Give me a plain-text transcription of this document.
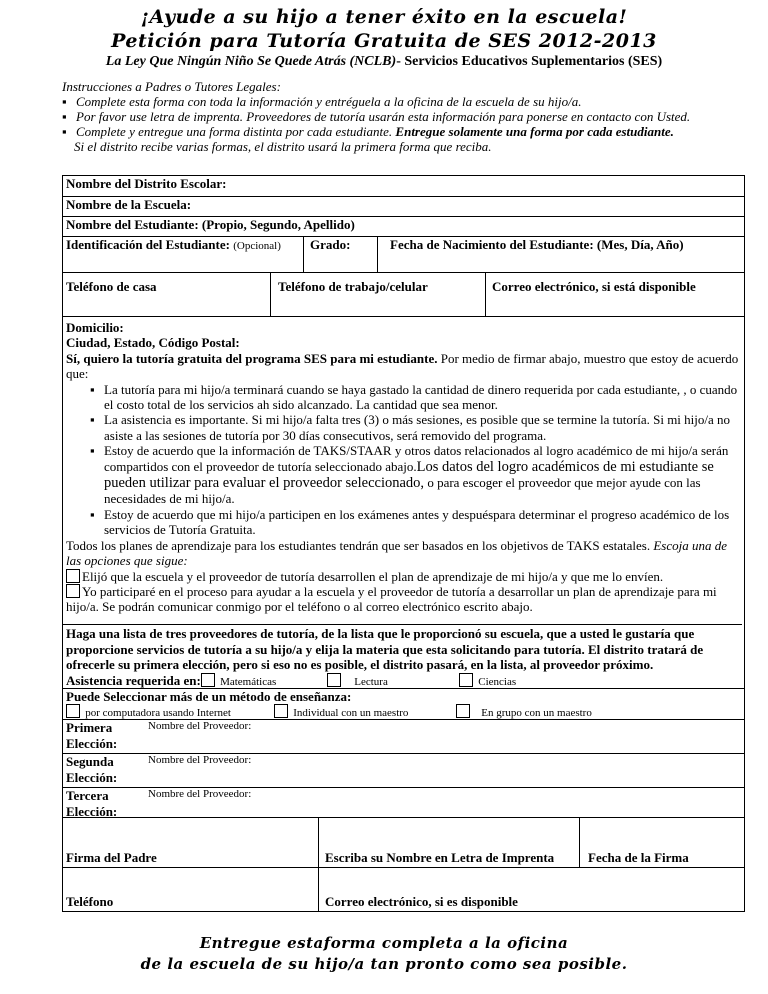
¡Ayude a su hijo a tener éxito en la escuela!
Petición para Tutoría Gratuita de SES 2012-2013
La Ley Que Ningún Niño Se Quede Atrás (NCLB)- Servicios Educativos Suplementarios (SES)
Instrucciones a Padres o Tutores Legales:
▪ Complete esta forma con toda la información y entréguela a la oficina de la escuela de su hijo/a.
▪ Por favor use letra de imprenta. Proveedores de tutoría usarán esta información para ponerse en contacto con Usted.
▪ Complete y entregue una forma distinta por cada estudiante. Entregue solamente una forma por cada estudiante.
Si el distrito recibe varias formas, el distrito usará la primera forma que reciba.
Nombre del Distrito Escolar:
Nombre de la Escuela:
Nombre del Estudiante: (Propio, Segundo, Apellido)
Identificación del Estudiante: (Opcional)	Grado:	Fecha de Nacimiento del Estudiante: (Mes, Día, Año)
Teléfono de casa	Teléfono de trabajo/celular	Correo electrónico, si está disponible
Domicilio:
Ciudad, Estado, Código Postal:
Sí, quiero la tutoría gratuita del programa SES para mi estudiante. Por medio de firmar abajo, muestro que estoy de acuerdo que:
▪ La tutoría para mi hijo/a terminará cuando se haya gastado la cantidad de dinero requerida por cada estudiante, , o cuando el costo total de los servicios ah sido alcanzado. La cantidad que sea menor.
▪ La asistencia es importante. Si mi hijo/a falta tres (3) o más sesiones, es posible que se termine la tutoría. Si mi hijo/a no asiste a las sesiones de tutoría por 30 días consecutivos, será removido del programa.
▪ Estoy de acuerdo que la información de TAKS/STAAR y otros datos relacionados al logro académico de mi hijo/a serán compartidos con el proveedor de tutoría seleccionado abajo.Los datos del logro académicos de mi estudiante se pueden utilizar para evaluar el proveedor seleccionado, o para escoger el proveedor que mejor ayude con las necesidades de mi hijo/a.
▪ Estoy de acuerdo que mi hijo/a participen en los exámenes antes y despuéspara determinar el progreso académico de los servicios de Tutoría Gratuita.
Todos los planes de aprendizaje para los estudiantes tendrán que ser basados en los objetivos de TAKS estatales. Escoja una de las opciones que sigue:
Elijó que la escuela y el proveedor de tutoría desarrollen el plan de aprendizaje de mi hijo/a y que me lo envíen.
Yo participaré en el proceso para ayudar a la escuela y el proveedor de tutoría a desarrollar un plan de aprendizaje para mi hijo/a. Se podrán comunicar conmigo por el teléfono o al correo electrónico escrito abajo.
Haga una lista de tres proveedores de tutoría, de la lista que le proporcionó su escuela, que a usted le gustaría que proporcione servicios de tutoría a su hijo/a y elija la materia que esta solicitando para tutoría. El distrito tratará de ofrecerle su primera elección, pero si eso no es posible, el distrito pasará, en la lista, al proveedor próximo.
Asistencia requerida en: Matemáticas	Lectura	Ciencias
Puede Seleccionar más de un método de enseñanza:
por computadora usando Internet	Individual con un maestro	En grupo con un maestro
Primera
Elección:
Nombre del Proveedor:
Segunda
Elección:
Nombre del Proveedor:
Tercera
Elección:
Nombre del Proveedor:
Firma del Padre	Escriba su Nombre en Letra de Imprenta	Fecha de la Firma
Teléfono	Correo electrónico, si es disponible
Entregue estaforma completa a la oficina
de la escuela de su hijo/a tan pronto como sea posible.
